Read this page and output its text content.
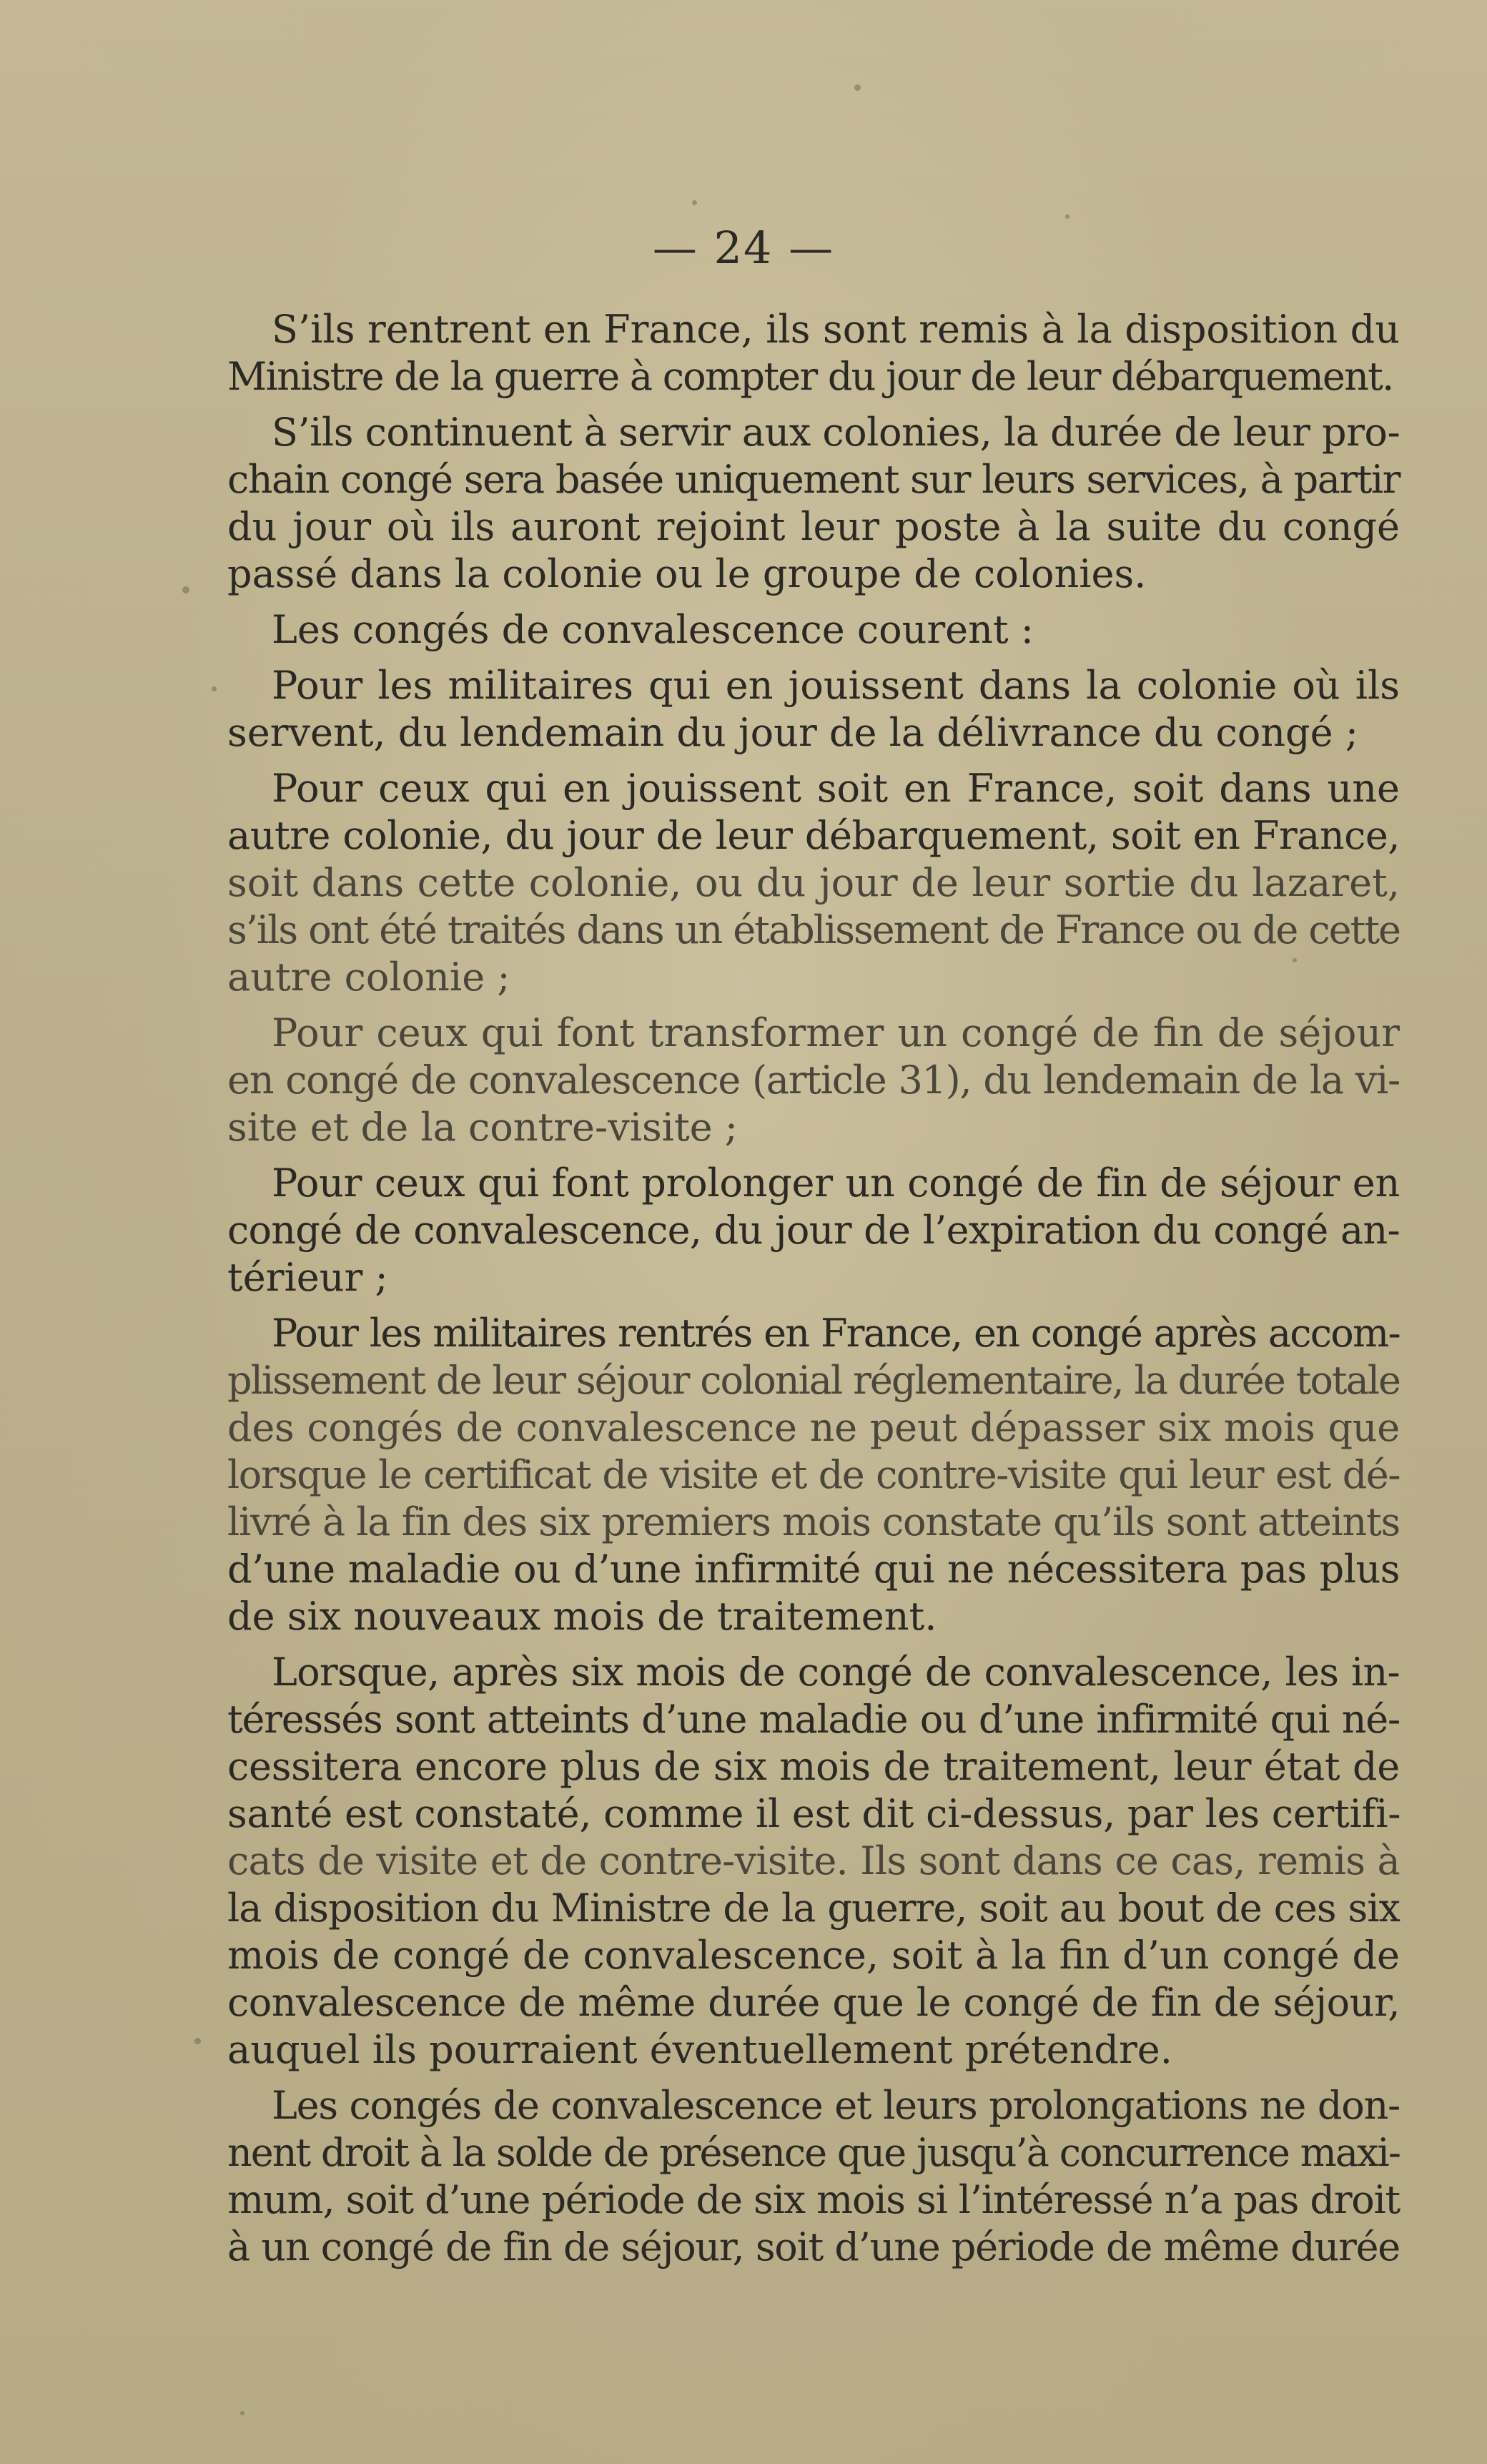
— 24 —

S’ils rentrent en France, ils sont remis à la disposition du
Ministre de la guerre à compter du jour de leur débarquement.

S’ils continuent à servir aux colonies, la durée de leur pro-
chain congé sera basée uniquement sur leurs services, à partir
du jour où ils auront rejoint leur poste à la suite du congé
passé dans la colonie ou le groupe de colonies.

Les congés de convalescence courent :

Pour les militaires qui en jouissent dans la colonie où ils
servent, du lendemain du jour de la délivrance du congé ;

Pour ceux qui en jouissent soit en France, soit dans une
autre colonie, du jour de leur débarquement, soit en France,
soit dans cette colonie, ou du jour de leur sortie du lazaret,
s’ils ont été traités dans un établissement de France ou de cette
autre colonie ;

Pour ceux qui font transformer un congé de fin de séjour
en congé de convalescence (article 31), du lendemain de la vi-
site et de la contre-visite ;

Pour ceux qui font prolonger un congé de fin de séjour en
congé de convalescence, du jour de l’expiration du congé an-
térieur ;

Pour les militaires rentrés en France, en congé après accom-
plissement de leur séjour colonial réglementaire, la durée totale
des congés de convalescence ne peut dépasser six mois que
lorsque le certificat de visite et de contre-visite qui leur est dé-
livré à la fin des six premiers mois constate qu’ils sont atteints
d’une maladie ou d’une infirmité qui ne nécessitera pas plus
de six nouveaux mois de traitement.

Lorsque, après six mois de congé de convalescence, les in-
téressés sont atteints d’une maladie ou d’une infirmité qui né-
cessitera encore plus de six mois de traitement, leur état de
santé est constaté, comme il est dit ci-dessus, par les certifi-
cats de visite et de contre-visite. Ils sont dans ce cas, remis à
la disposition du Ministre de la guerre, soit au bout de ces six
mois de congé de convalescence, soit à la fin d’un congé de
convalescence de même durée que le congé de fin de séjour,
auquel ils pourraient éventuellement prétendre.

Les congés de convalescence et leurs prolongations ne don-
nent droit à la solde de présence que jusqu’à concurrence maxi-
mum, soit d’une période de six mois si l’intéressé n’a pas droit
à un congé de fin de séjour, soit d’une période de même durée
